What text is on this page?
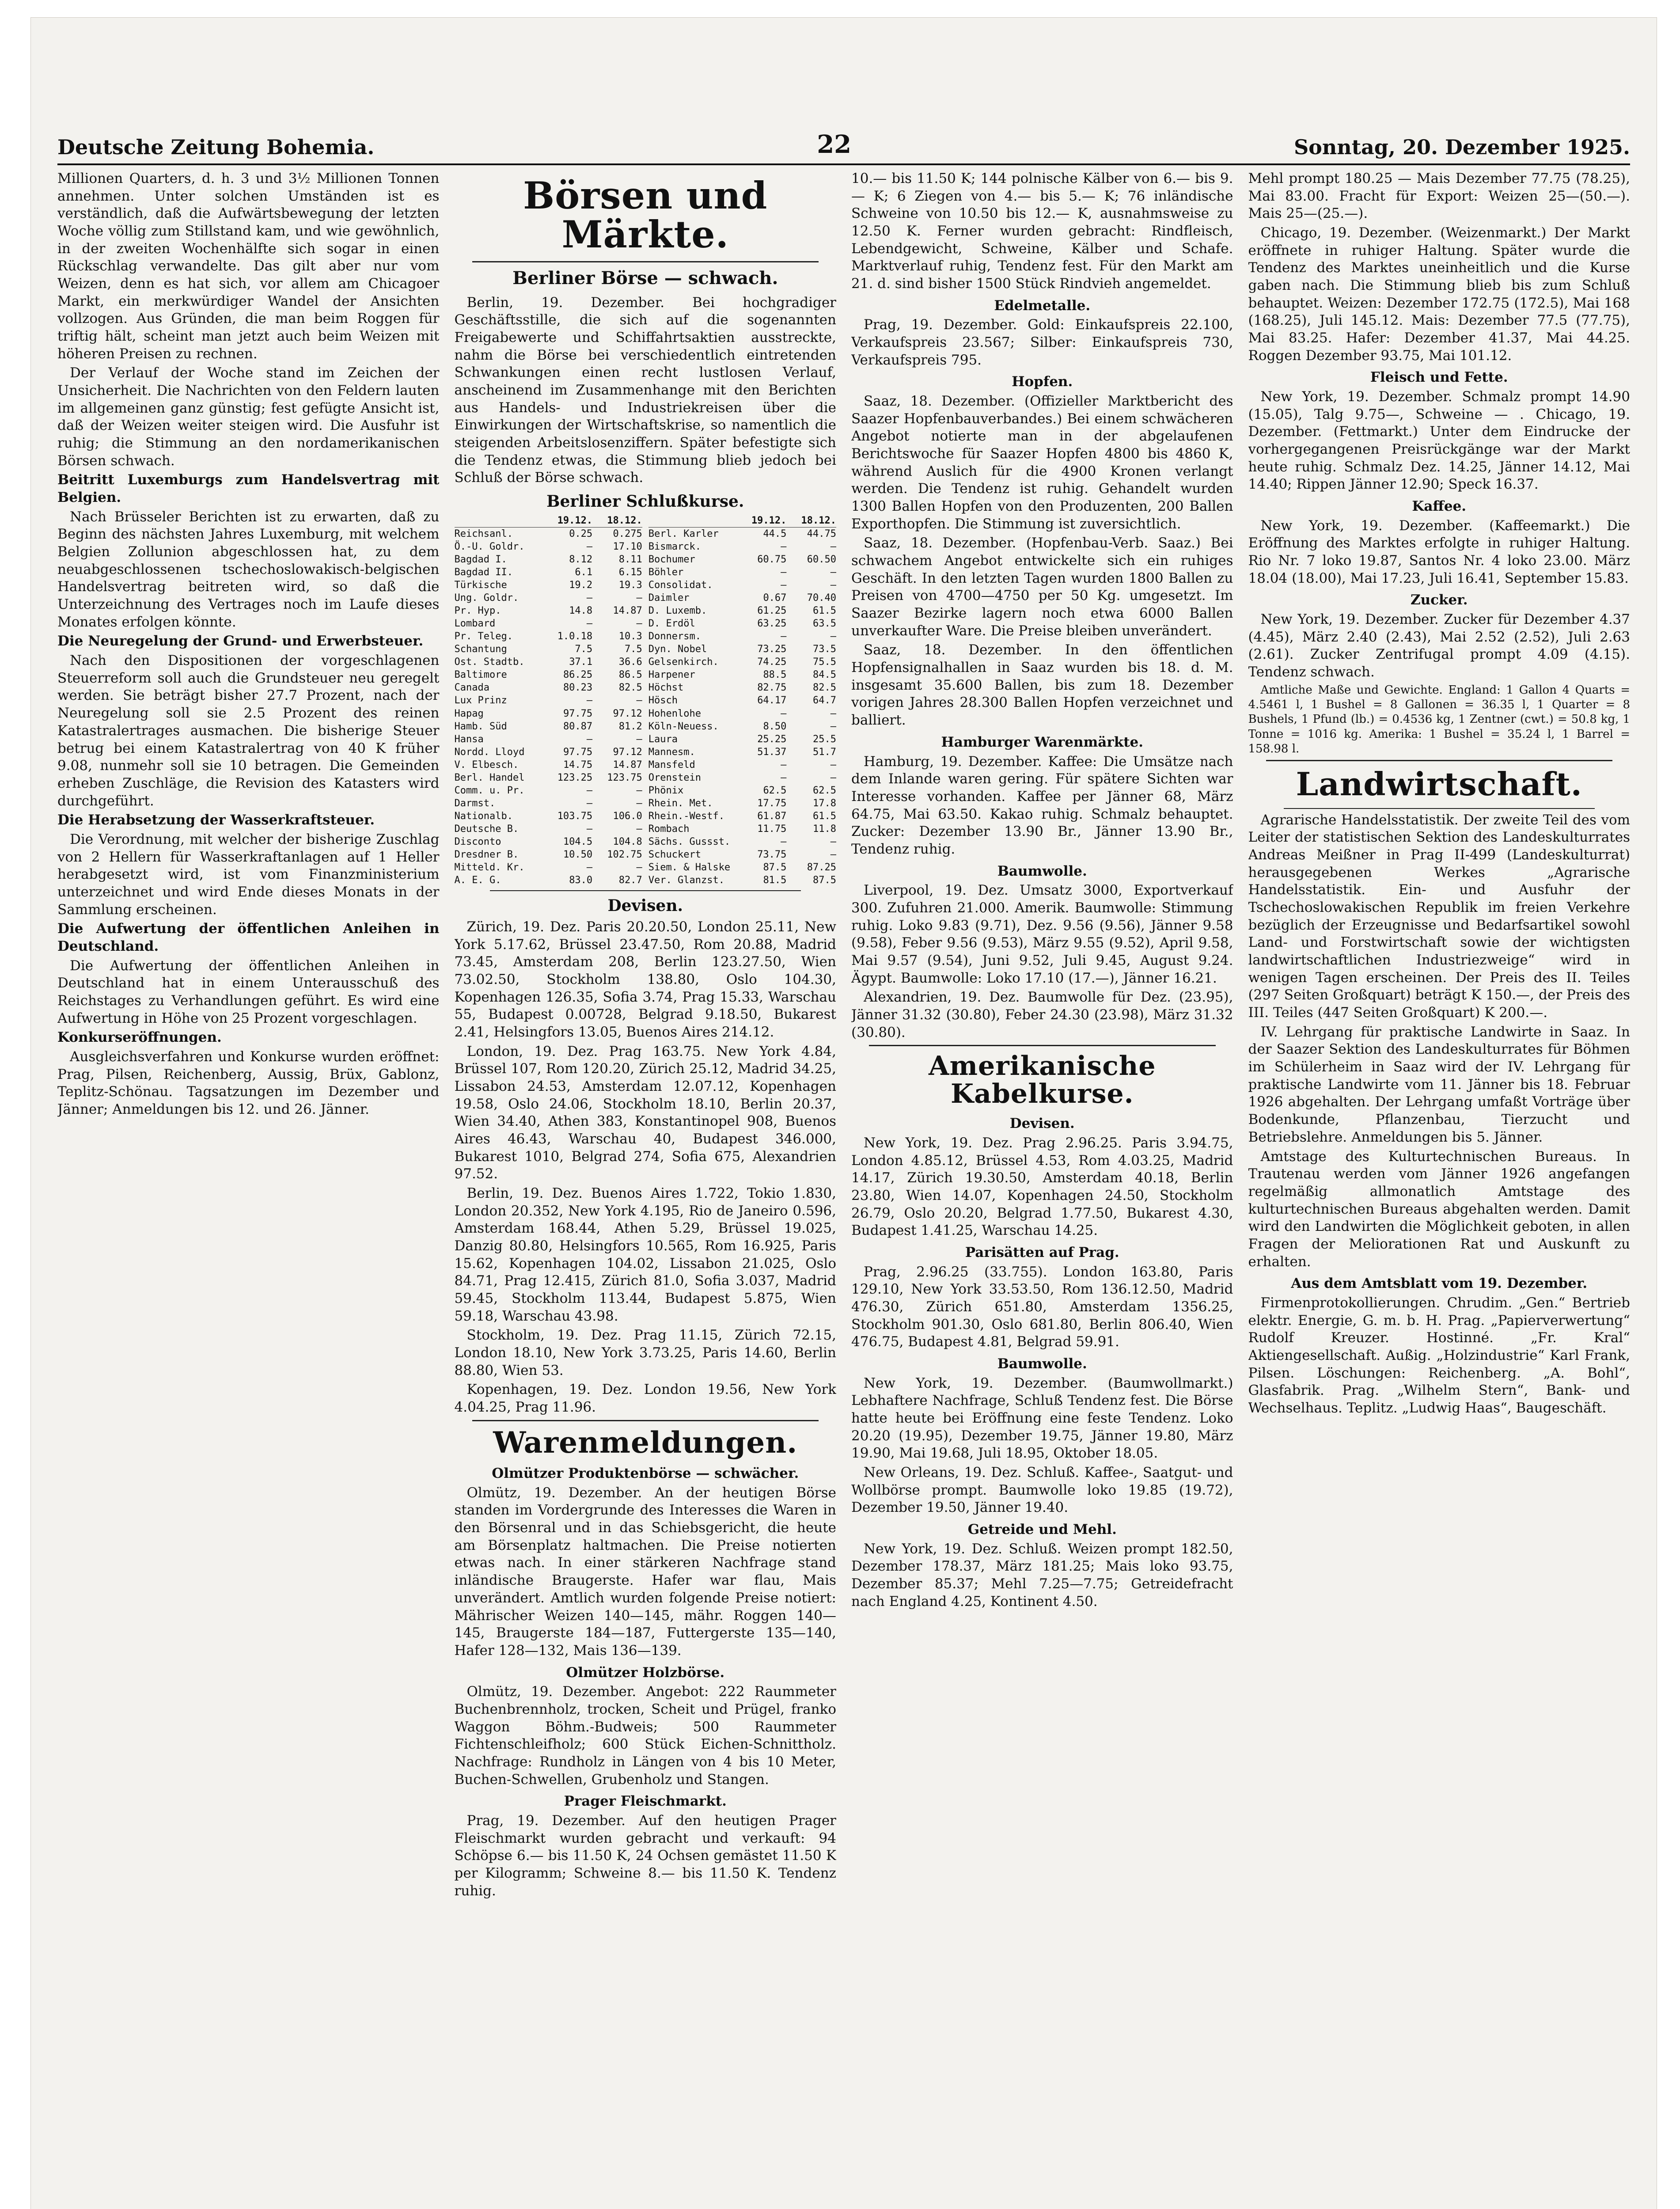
Deutsche Zeitung Bohemia.	22	Sonntag, 20. Dezember 1925.

Millionen Quarters, d. h. 3 und 3½ Millionen Tonnen annehmen. Unter solchen Umständen ist es verständlich, daß die Aufwärtsbewegung der letzten Woche völlig zum Stillstand kam, und wie gewöhnlich, in der zweiten Wochenhälfte sich sogar in einen Rückschlag verwandelte. Das gilt aber nur vom Weizen, denn es hat sich, vor allem am Chicagoer Markt, ein merkwürdiger Wandel der Ansichten vollzogen. Aus Gründen, die man beim Roggen für triftig hält, scheint man jetzt auch beim Weizen mit höheren Preisen zu rechnen.

Der Verlauf der Woche stand im Zeichen der Unsicherheit. Die Nachrichten von den Feldern lauten im allgemeinen ganz günstig; fest gefügte Ansicht ist, daß der Weizen weiter steigen wird. Die Ausfuhr ist ruhig; die Stimmung an den nordamerikanischen Börsen schwach.

Beitritt Luxemburgs zum Handelsvertrag mit Belgien.

Nach Brüsseler Berichten ist zu erwarten, daß zu Beginn des nächsten Jahres Luxemburg, mit welchem Belgien Zollunion abgeschlossen hat, zu dem neuabgeschlossenen tschechoslowakisch-belgischen Handelsvertrag beitreten wird, so daß die Unterzeichnung des Vertrages noch im Laufe dieses Monates erfolgen könnte.

Die Neuregelung der Grund- und Erwerbsteuer.

Nach den Dispositionen der vorgeschlagenen Steuerreform soll auch die Grundsteuer neu geregelt werden. Sie beträgt bisher 27.7 Prozent, nach der Neuregelung soll sie 2.5 Prozent des reinen Katastralertrages ausmachen. Die bisherige Steuer betrug bei einem Katastralertrag von 40 K früher 9.08, nunmehr soll sie 10 betragen. Die Gemeinden erheben Zuschläge, die Revision des Katasters wird durchgeführt.

Die Herabsetzung der Wasserkraftsteuer.

Die Verordnung, mit welcher der bisherige Zuschlag von 2 Hellern für Wasserkraftanlagen auf 1 Heller herabgesetzt wird, ist vom Finanzministerium unterzeichnet und wird Ende dieses Monats in der Sammlung erscheinen.

Die Aufwertung der öffentlichen Anleihen in Deutschland.

Die Aufwertung der öffentlichen Anleihen in Deutschland hat in einem Unterausschuß des Reichstages zu Verhandlungen geführt. Es wird eine Aufwertung in Höhe von 25 Prozent vorgeschlagen.

Konkurseröffnungen.

Ausgleichsverfahren und Konkurse wurden eröffnet: Prag, Pilsen, Reichenberg, Aussig, Brüx, Gablonz, Teplitz-Schönau. Tagsatzungen im Dezember und Jänner; Anmeldungen bis 12. und 26. Jänner.

Börsen und Märkte.
Berliner Börse — schwach.

Berlin, 19. Dezember. Bei hochgradiger Geschäftsstille, die sich auf die sogenannten Freigabewerte und Schiffahrtsaktien ausstreckte, nahm die Börse bei verschiedentlich eintretenden Schwankungen einen recht lustlosen Verlauf, anscheinend im Zusammenhange mit den Berichten aus Handels- und Industriekreisen über die Einwirkungen der Wirtschaftskrise, so namentlich die steigenden Arbeitslosenziffern. Später befestigte sich die Tendenz etwas, die Stimmung blieb jedoch bei Schluß der Börse schwach.

Berliner Schlußkurse.
19.12.	18.12.
Reichsanl.	0.25	0.275
Ö.-U. Goldr.	—	17.10
Bagdad I.	8.12	8.11
Bagdad II.	6.1	6.15
Türkische	19.2	19.3
Ung. Goldr.	—	—
Pr. Hyp.	14.8	14.87
Lombard	—	—
Pr. Teleg.	1.0.18	10.3
Schantung	7.5	7.5
Ost. Stadtb.	37.1	36.6
Baltimore	86.25	86.5
Canada	80.23	82.5
Lux Prinz	—	—
Hapag	97.75	97.12
Hamb. Süd	80.87	81.2
Hansa	—	—
Nordd. Lloyd	97.75	97.12
V. Elbesch.	14.75	14.87
Berl. Handel	123.25	123.75
Comm. u. Pr.	—	—
Darmst.	—	—
Nationalb.	103.75	106.0
Deutsche B.	—	—
Disconto	104.5	104.8
Dresdner B.	10.50	102.75
Mitteld. Kr.	—	—
A. E. G.	83.0	82.7
19.12.	18.12.
Berl. Karler	44.5	44.75
Bismarck.	—	—
Bochumer	60.75	60.50
Böhler	—	—
Consolidat.	—	—
Daimler	0.67	70.40
D. Luxemb.	61.25	61.5
D. Erdöl	63.25	63.5
Donnersm.	—	—
Dyn. Nobel	73.25	73.5
Gelsenkirch.	74.25	75.5
Harpener	88.5	84.5
Höchst	82.75	82.5
Hösch	64.17	64.7
Hohenlohe	—	—
Köln-Neuess.	8.50	—
Laura	25.25	25.5
Mannesm.	51.37	51.7
Mansfeld	—	—
Orenstein	—	—
Phönix	62.5	62.5
Rhein. Met.	17.75	17.8
Rhein.-Westf.	61.87	61.5
Rombach	11.75	11.8
Sächs. Gussst.	—	—
Schuckert	73.75	—
Siem. & Halske	87.5	87.25
Ver. Glanzst.	81.5	87.5
Devisen.

Zürich, 19. Dez. Paris 20.20.50, London 25.11, New York 5.17.62, Brüssel 23.47.50, Rom 20.88, Madrid 73.45, Amsterdam 208, Berlin 123.27.50, Wien 73.02.50, Stockholm 138.80, Oslo 104.30, Kopenhagen 126.35, Sofia 3.74, Prag 15.33, Warschau 55, Budapest 0.00728, Belgrad 9.18.50, Bukarest 2.41, Helsingfors 13.05, Buenos Aires 214.12.

London, 19. Dez. Prag 163.75. New York 4.84, Brüssel 107, Rom 120.20, Zürich 25.12, Madrid 34.25, Lissabon 24.53, Amsterdam 12.07.12, Kopenhagen 19.58, Oslo 24.06, Stockholm 18.10, Berlin 20.37, Wien 34.40, Athen 383, Konstantinopel 908, Buenos Aires 46.43, Warschau 40, Budapest 346.000, Bukarest 1010, Belgrad 274, Sofia 675, Alexandrien 97.52.

Berlin, 19. Dez. Buenos Aires 1.722, Tokio 1.830, London 20.352, New York 4.195, Rio de Janeiro 0.596, Amsterdam 168.44, Athen 5.29, Brüssel 19.025, Danzig 80.80, Helsingfors 10.565, Rom 16.925, Paris 15.62, Kopenhagen 104.02, Lissabon 21.025, Oslo 84.71, Prag 12.415, Zürich 81.0, Sofia 3.037, Madrid 59.45, Stockholm 113.44, Budapest 5.875, Wien 59.18, Warschau 43.98.

Stockholm, 19. Dez. Prag 11.15, Zürich 72.15, London 18.10, New York 3.73.25, Paris 14.60, Berlin 88.80, Wien 53.

Kopenhagen, 19. Dez. London 19.56, New York 4.04.25, Prag 11.96.

Warenmeldungen.
Olmützer Produktenbörse — schwächer.

Olmütz, 19. Dezember. An der heutigen Börse standen im Vordergrunde des Interesses die Waren in den Börsenral und in das Schiebsgericht, die heute am Börsenplatz haltmachen. Die Preise notierten etwas nach. In einer stärkeren Nachfrage stand inländische Braugerste. Hafer war flau, Mais unverändert. Amtlich wurden folgende Preise notiert: Mährischer Weizen 140—145, mähr. Roggen 140—145, Braugerste 184—187, Futtergerste 135—140, Hafer 128—132, Mais 136—139.

Olmützer Holzbörse.

Olmütz, 19. Dezember. Angebot: 222 Raummeter Buchenbrennholz, trocken, Scheit und Prügel, franko Waggon Böhm.-Budweis; 500 Raummeter Fichtenschleifholz; 600 Stück Eichen-Schnittholz. Nachfrage: Rundholz in Längen von 4 bis 10 Meter, Buchen-Schwellen, Grubenholz und Stangen.

Prager Fleischmarkt.

Prag, 19. Dezember. Auf den heutigen Prager Fleischmarkt wurden gebracht und verkauft: 94 Schöpse 6.— bis 11.50 K, 24 Ochsen gemästet 11.50 K per Kilogramm; Schweine 8.— bis 11.50 K. Tendenz ruhig.

10.— bis 11.50 K; 144 polnische Kälber von 6.— bis 9.— K; 6 Ziegen von 4.— bis 5.— K; 76 inländische Schweine von 10.50 bis 12.— K, ausnahmsweise zu 12.50 K. Ferner wurden gebracht: Rindfleisch, Lebendgewicht, Schweine, Kälber und Schafe. Marktverlauf ruhig, Tendenz fest. Für den Markt am 21. d. sind bisher 1500 Stück Rindvieh angemeldet.

Edelmetalle.

Prag, 19. Dezember. Gold: Einkaufspreis 22.100, Verkaufspreis 23.567; Silber: Einkaufspreis 730, Verkaufspreis 795.

Hopfen.

Saaz, 18. Dezember. (Offizieller Marktbericht des Saazer Hopfenbauverbandes.) Bei einem schwächeren Angebot notierte man in der abgelaufenen Berichtswoche für Saazer Hopfen 4800 bis 4860 K, während Auslich für die 4900 Kronen verlangt werden. Die Tendenz ist ruhig. Gehandelt wurden 1300 Ballen Hopfen von den Produzenten, 200 Ballen Exporthopfen. Die Stimmung ist zuversichtlich.

Saaz, 18. Dezember. (Hopfenbau-Verb. Saaz.) Bei schwachem Angebot entwickelte sich ein ruhiges Geschäft. In den letzten Tagen wurden 1800 Ballen zu Preisen von 4700—4750 per 50 Kg. umgesetzt. Im Saazer Bezirke lagern noch etwa 6000 Ballen unverkaufter Ware. Die Preise bleiben unverändert.

Saaz, 18. Dezember. In den öffentlichen Hopfensignalhallen in Saaz wurden bis 18. d. M. insgesamt 35.600 Ballen, bis zum 18. Dezember vorigen Jahres 28.300 Ballen Hopfen verzeichnet und balliert.

Hamburger Warenmärkte.

Hamburg, 19. Dezember. Kaffee: Die Umsätze nach dem Inlande waren gering. Für spätere Sichten war Interesse vorhanden. Kaffee per Jänner 68, März 64.75, Mai 63.50. Kakao ruhig. Schmalz behauptet. Zucker: Dezember 13.90 Br., Jänner 13.90 Br., Tendenz ruhig.

Baumwolle.

Liverpool, 19. Dez. Umsatz 3000, Exportverkauf 300. Zufuhren 21.000. Amerik. Baumwolle: Stimmung ruhig. Loko 9.83 (9.71), Dez. 9.56 (9.56), Jänner 9.58 (9.58), Feber 9.56 (9.53), März 9.55 (9.52), April 9.58, Mai 9.57 (9.54), Juni 9.52, Juli 9.45, August 9.24. Ägypt. Baumwolle: Loko 17.10 (17.—), Jänner 16.21.

Alexandrien, 19. Dez. Baumwolle für Dez. (23.95), Jänner 31.32 (30.80), Feber 24.30 (23.98), März 31.32 (30.80).

Amerikanische Kabelkurse.
Devisen.

New York, 19. Dez. Prag 2.96.25. Paris 3.94.75, London 4.85.12, Brüssel 4.53, Rom 4.03.25, Madrid 14.17, Zürich 19.30.50, Amsterdam 40.18, Berlin 23.80, Wien 14.07, Kopenhagen 24.50, Stockholm 26.79, Oslo 20.20, Belgrad 1.77.50, Bukarest 4.30, Budapest 1.41.25, Warschau 14.25.

Parisätten auf Prag.

Prag, 2.96.25 (33.755). London 163.80, Paris 129.10, New York 33.53.50, Rom 136.12.50, Madrid 476.30, Zürich 651.80, Amsterdam 1356.25, Stockholm 901.30, Oslo 681.80, Berlin 806.40, Wien 476.75, Budapest 4.81, Belgrad 59.91.

Baumwolle.

New York, 19. Dezember. (Baumwollmarkt.) Lebhaftere Nachfrage, Schluß Tendenz fest. Die Börse hatte heute bei Eröffnung eine feste Tendenz. Loko 20.20 (19.95), Dezember 19.75, Jänner 19.80, März 19.90, Mai 19.68, Juli 18.95, Oktober 18.05.

New Orleans, 19. Dez. Schluß. Kaffee-, Saatgut- und Wollbörse prompt. Baumwolle loko 19.85 (19.72), Dezember 19.50, Jänner 19.40.

Getreide und Mehl.

New York, 19. Dez. Schluß. Weizen prompt 182.50, Dezember 178.37, März 181.25; Mais loko 93.75, Dezember 85.37; Mehl 7.25—7.75; Getreidefracht nach England 4.25, Kontinent 4.50.

Mehl prompt 180.25 — Mais Dezember 77.75 (78.25), Mai 83.00. Fracht für Export: Weizen 25—(50.—). Mais 25—(25.—).

Chicago, 19. Dezember. (Weizenmarkt.) Der Markt eröffnete in ruhiger Haltung. Später wurde die Tendenz des Marktes uneinheitlich und die Kurse gaben nach. Die Stimmung blieb bis zum Schluß behauptet. Weizen: Dezember 172.75 (172.5), Mai 168 (168.25), Juli 145.12. Mais: Dezember 77.5 (77.75), Mai 83.25. Hafer: Dezember 41.37, Mai 44.25. Roggen Dezember 93.75, Mai 101.12.

Fleisch und Fette.

New York, 19. Dezember. Schmalz prompt 14.90 (15.05), Talg 9.75—, Schweine — . Chicago, 19. Dezember. (Fettmarkt.) Unter dem Eindrucke der vorhergegangenen Preisrückgänge war der Markt heute ruhig. Schmalz Dez. 14.25, Jänner 14.12, Mai 14.40; Rippen Jänner 12.90; Speck 16.37.

Kaffee.

New York, 19. Dezember. (Kaffeemarkt.) Die Eröffnung des Marktes erfolgte in ruhiger Haltung. Rio Nr. 7 loko 19.87, Santos Nr. 4 loko 23.00. März 18.04 (18.00), Mai 17.23, Juli 16.41, September 15.83.

Zucker.

New York, 19. Dezember. Zucker für Dezember 4.37 (4.45), März 2.40 (2.43), Mai 2.52 (2.52), Juli 2.63 (2.61). Zucker Zentrifugal prompt 4.09 (4.15). Tendenz schwach.

Amtliche Maße und Gewichte. England: 1 Gallon 4 Quarts = 4.5461 l, 1 Bushel = 8 Gallonen = 36.35 l, 1 Quarter = 8 Bushels, 1 Pfund (lb.) = 0.4536 kg, 1 Zentner (cwt.) = 50.8 kg, 1 Tonne = 1016 kg. Amerika: 1 Bushel = 35.24 l, 1 Barrel = 158.98 l.

Landwirtschaft.

Agrarische Handelsstatistik. Der zweite Teil des vom Leiter der statistischen Sektion des Landeskulturrates Andreas Meißner in Prag II-499 (Landeskulturrat) herausgegebenen Werkes „Agrarische Handelsstatistik. Ein- und Ausfuhr der Tschechoslowakischen Republik im freien Verkehre bezüglich der Erzeugnisse und Bedarfsartikel sowohl Land- und Forstwirtschaft sowie der wichtigsten landwirtschaftlichen Industriezweige“ wird in wenigen Tagen erscheinen. Der Preis des II. Teiles (297 Seiten Großquart) beträgt K 150.—, der Preis des III. Teiles (447 Seiten Großquart) K 200.—.

IV. Lehrgang für praktische Landwirte in Saaz. In der Saazer Sektion des Landeskulturrates für Böhmen im Schülerheim in Saaz wird der IV. Lehrgang für praktische Landwirte vom 11. Jänner bis 18. Februar 1926 abgehalten. Der Lehrgang umfaßt Vorträge über Bodenkunde, Pflanzenbau, Tierzucht und Betriebslehre. Anmeldungen bis 5. Jänner.

Amtstage des Kulturtechnischen Bureaus. In Trautenau werden vom Jänner 1926 angefangen regelmäßig allmonatlich Amtstage des kulturtechnischen Bureaus abgehalten werden. Damit wird den Landwirten die Möglichkeit geboten, in allen Fragen der Meliorationen Rat und Auskunft zu erhalten.

Aus dem Amtsblatt vom 19. Dezember.

Firmenprotokollierungen. Chrudim. „Gen.“ Bertrieb elektr. Energie, G. m. b. H. Prag. „Papierverwertung“ Rudolf Kreuzer. Hostinné. „Fr. Kral“ Aktiengesellschaft. Außig. „Holzindustrie“ Karl Frank, Pilsen. Löschungen: Reichenberg. „A. Bohl“, Glasfabrik. Prag. „Wilhelm Stern“, Bank- und Wechselhaus. Teplitz. „Ludwig Haas“, Baugeschäft.
